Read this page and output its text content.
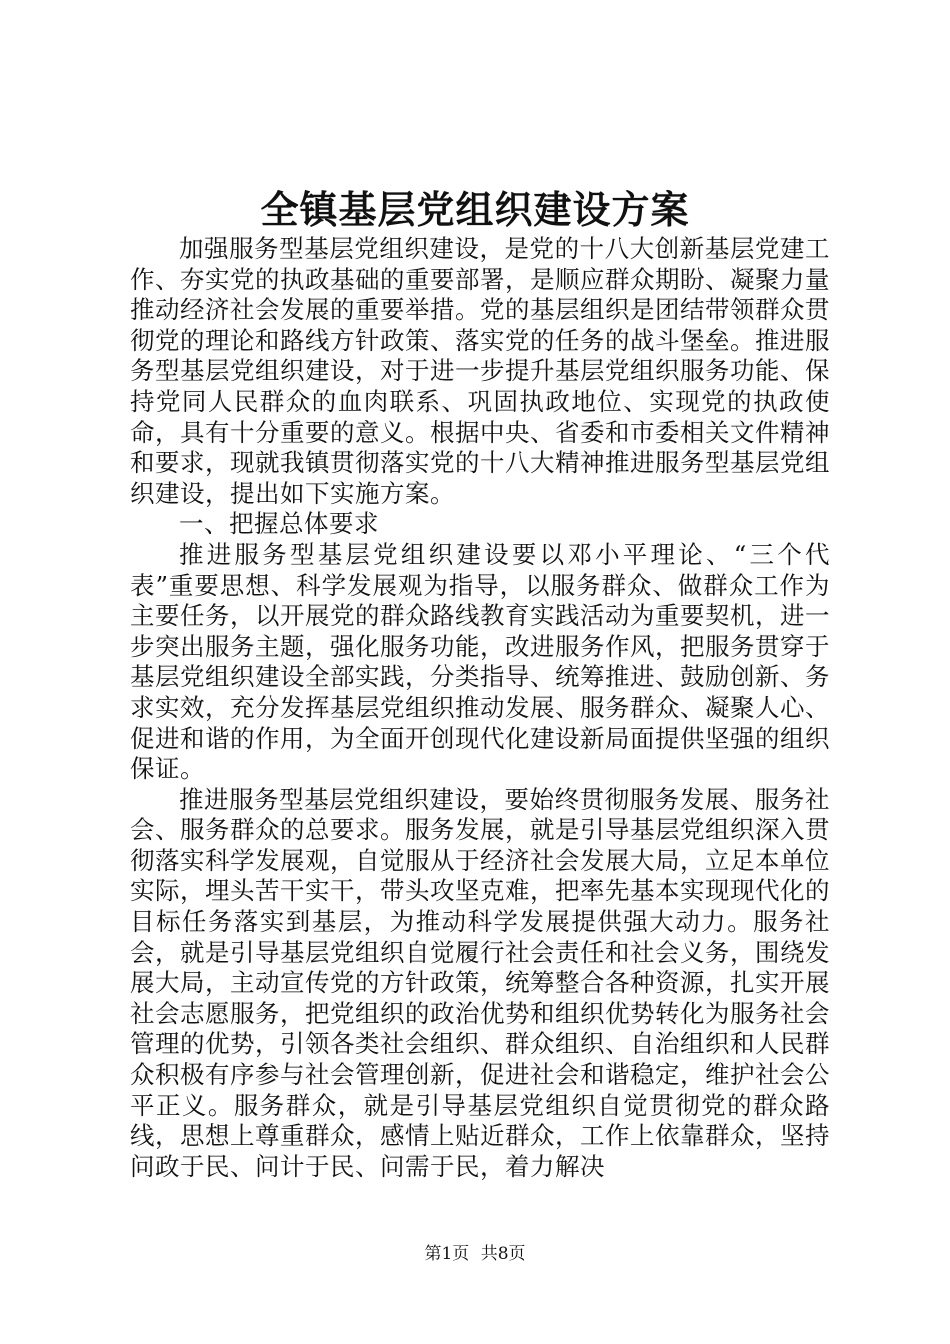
全镇基层党组织建设方案

加强服务型基层党组织建设，是党的十八大创新基层党建工作、夯实党的执政基础的重要部署，是顺应群众期盼、凝聚力量推动经济社会发展的重要举措。党的基层组织是团结带领群众贯彻党的理论和路线方针政策、落实党的任务的战斗堡垒。推进服务型基层党组织建设，对于进一步提升基层党组织服务功能、保持党同人民群众的血肉联系、巩固执政地位、实现党的执政使命，具有十分重要的意义。根据中央、省委和市委相关文件精神和要求，现就我镇贯彻落实党的十八大精神推进服务型基层党组织建设，提出如下实施方案。

一、把握总体要求

推进服务型基层党组织建设要以邓小平理论、“三个代表”重要思想、科学发展观为指导，以服务群众、做群众工作为主要任务，以开展党的群众路线教育实践活动为重要契机，进一步突出服务主题，强化服务功能，改进服务作风，把服务贯穿于基层党组织建设全部实践，分类指导、统筹推进、鼓励创新、务求实效，充分发挥基层党组织推动发展、服务群众、凝聚人心、促进和谐的作用，为全面开创现代化建设新局面提供坚强的组织保证。

推进服务型基层党组织建设，要始终贯彻服务发展、服务社会、服务群众的总要求。服务发展，就是引导基层党组织深入贯彻落实科学发展观，自觉服从于经济社会发展大局，立足本单位实际，埋头苦干实干，带头攻坚克难，把率先基本实现现代化的目标任务落实到基层，为推动科学发展提供强大动力。服务社会，就是引导基层党组织自觉履行社会责任和社会义务，围绕发展大局，主动宣传党的方针政策，统筹整合各种资源，扎实开展社会志愿服务，把党组织的政治优势和组织优势转化为服务社会管理的优势，引领各类社会组织、群众组织、自治组织和人民群众积极有序参与社会管理创新，促进社会和谐稳定，维护社会公平正义。服务群众，就是引导基层党组织自觉贯彻党的群众路线，思想上尊重群众，感情上贴近群众，工作上依靠群众，坚持问政于民、问计于民、问需于民，着力解决

第1页 共8页
